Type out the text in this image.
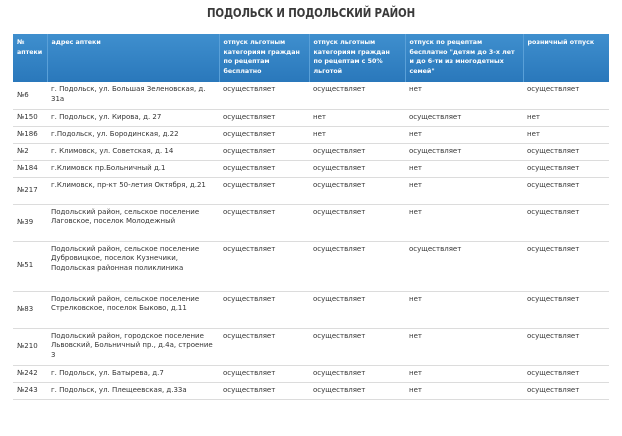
ПОДОЛЬСК И ПОДОЛЬСКИЙ РАЙОН
№ аптеки	адрес аптеки	отпуск льготным категориям граждан по рецептам бесплатно	отпуск льготным категориям граждан по рецептам с 50% льготой	отпуск по рецептам бесплатно "детям до 3-х лет и до 6-ти из многодетных семей"	розничный отпуск
№6	г. Подольск, ул. Большая Зеленовская, д. 31а	осуществляет	осуществляет	нет	осуществляет
№150	г. Подольск, ул. Кирова, д. 27	осуществляет	нет	осуществляет	нет
№186	г.Подольск, ул. Бородинская, д.22	осуществляет	нет	нет	нет
№2	г. Климовск, ул. Советская, д. 14	осуществляет	осуществляет	осуществляет	осуществляет
№184	г.Климовск пр.Больничный д.1	осуществляет	осуществляет	нет	осуществляет
№217	г.Климовск, пр-кт 50-летия Октября, д.21	осуществляет	осуществляет	нет	осуществляет
№39	Подольский район, сельское поселение Лаговское, поселок Молодежный	осуществляет	осуществляет	нет	осуществляет
№51	Подольский район, сельское поселение Дубровицкое, поселок Кузнечики, Подольская районная поликлиника	осуществляет	осуществляет	осуществляет	осуществляет
№83	Подольский район, сельское поселение Стрелковское, поселок Быково, д.11	осуществляет	осуществляет	нет	осуществляет
№210	Подольский район, городское поселение Львовский, Больничный пр., д.4а, строение 3	осуществляет	осуществляет	нет	осуществляет
№242	г. Подольск, ул. Батырева, д.7	осуществляет	осуществляет	нет	осуществляет
№243	г. Подольск, ул. Плещеевская, д.33а	осуществляет	осуществляет	нет	осуществляет
